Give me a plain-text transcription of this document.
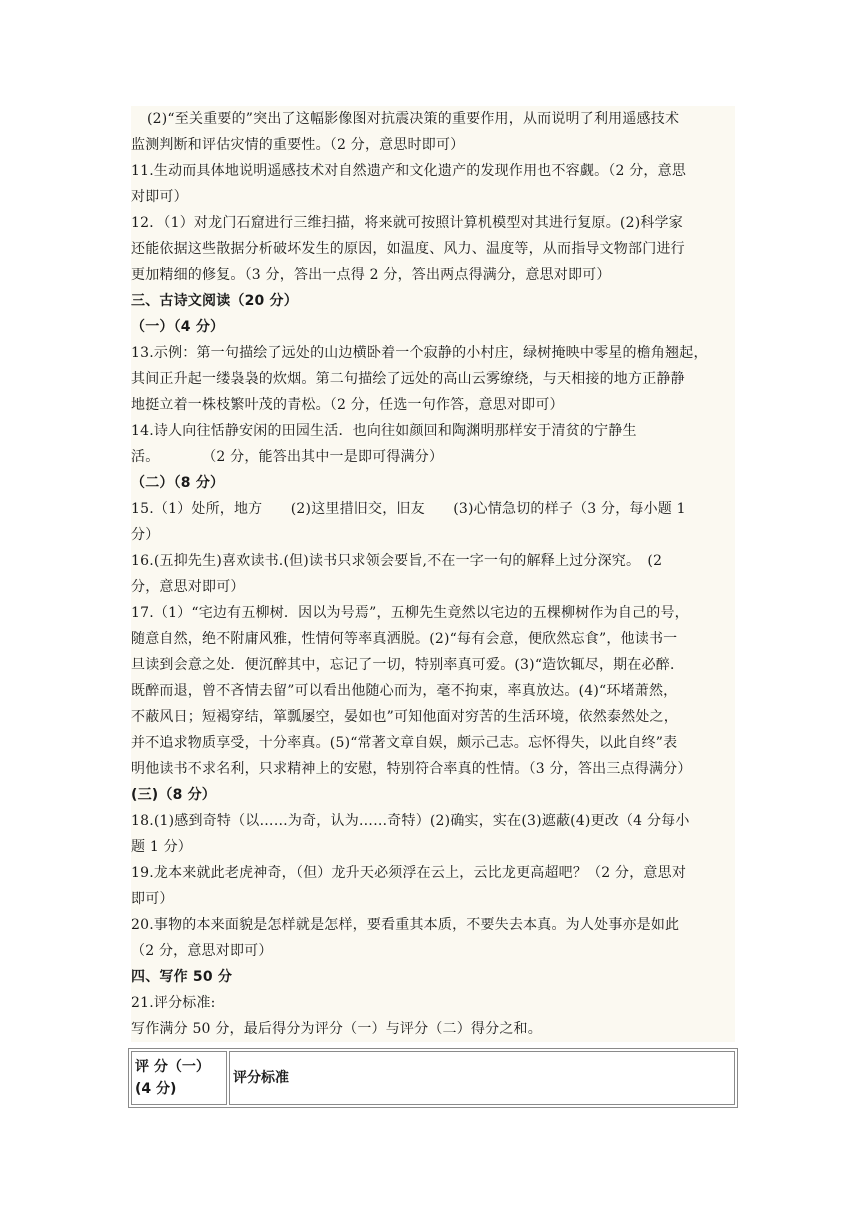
(2)“至关重要的”突出了这幅影像图对抗震决策的重要作用，从而说明了利用遥感技术
监测判断和评估灾情的重要性。（2 分，意思时即可）
11.生动而具体地说明遥感技术对自然遗产和文化遗产的发现作用也不容觑。（2 分，意思
对即可）
12．（1）对龙门石窟进行三维扫描，将来就可按照计算机模型对其进行复原。(2)科学家
还能依据这些散据分析破坏发生的原因，如温度、风力、温度等，从而指导文物部门进行
更加精细的修复。（3 分，答出一点得 2 分，答出两点得满分，意思对即可）
三、古诗文阅读（20 分）
（一）（4 分）
13.示例：第一句描绘了远处的山边横卧着一个寂静的小村庄，绿树掩映中零星的檐角翘起，
其间正升起一缕袅袅的炊烟。第二句描绘了远处的高山云雾缭绕，与天相接的地方正静静
地挺立着一株枝繁叶茂的青松。（2 分，任选一句作答，意思对即可）
14.诗人向往恬静安闲的田园生活．也向往如颜回和陶渊明那样安于清贫的宁静生
活。　　　　（2 分，能答出其中一是即可得满分）
（二）（8 分）
15.（1）处所，地方　　(2)这里措旧交，旧友　　(3)心情急切的样子（3 分，每小题 1
分）
16.(五抑先生)喜欢读书.(但)读书只求领会要旨,不在一字一句的解释上过分深究。　(2
分，意思对即可）
17.（1）“宅边有五柳树．因以为号焉”，五柳先生竟然以宅边的五棵柳树作为自己的号，
随意自然，绝不附庸风雅，性情何等率真洒脱。(2)“每有会意，便欣然忘食”，他读书一
旦读到会意之处．便沉醉其中，忘记了一切，特别率真可爱。(3)“造饮辄尽，期在必醉．
既醉而退，曾不吝情去留”可以看出他随心而为，毫不拘束，率真放达。(4)“环堵萧然，
不蔽风日；短褐穿结，箪瓢屡空，晏如也”可知他面对穷苦的生活环境，依然泰然处之，
并不追求物质享受，十分率真。(5)“常著文章自娱，颇示己志。忘怀得失，以此自终”表
明他读书不求名利，只求精神上的安慰，特别符合率真的性情。（3 分，答出三点得满分）
(三)（8 分）
18.(1)感到奇特（以……为奇，认为……奇特）(2)确实，实在(3)遮蔽(4)更改（4 分每小
题 1 分）
19.龙本来就此老虎神奇，（但）龙升天必须浮在云上，云比龙更高超吧？（2 分，意思对
即可）
20.事物的本来面貌是怎样就是怎样，要看重其本质，不要失去本真。为人处事亦是如此
（2 分，意思对即可）
四、写作 50 分
21.评分标准:
写作满分 50 分，最后得分为评分（一）与评分（二）得分之和。
评 分（一）(4 分)	评分标准
